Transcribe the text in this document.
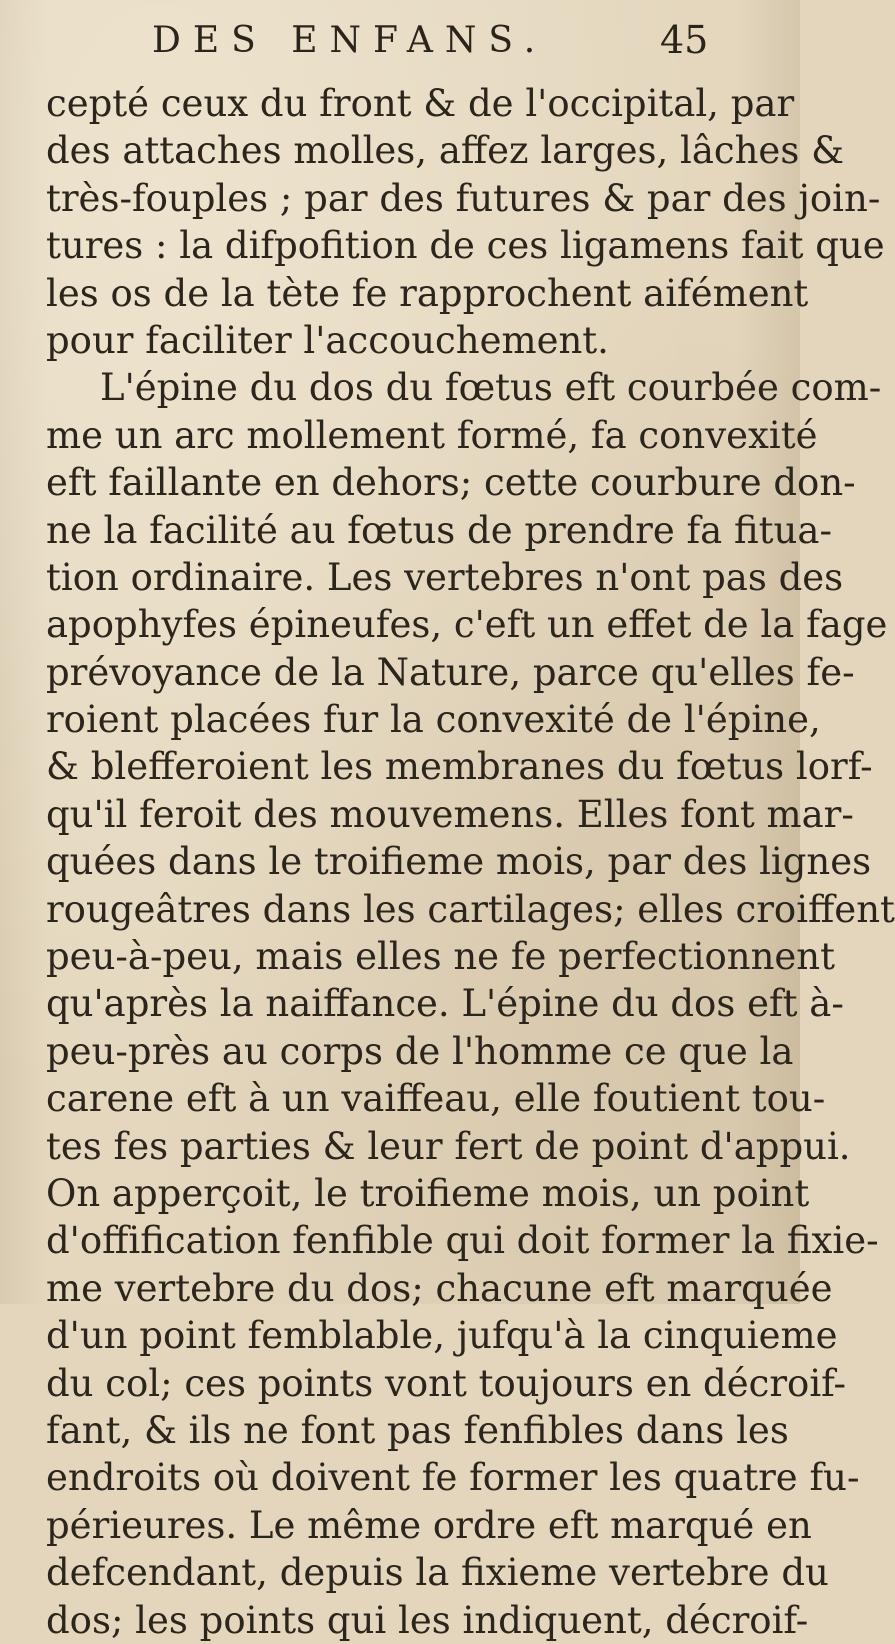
DES ENFANS.	45
cepté ceux du front & de l'occipital, par
des attaches molles, affez larges, lâches &
très-fouples ; par des futures & par des join-
tures : la difpofition de ces ligamens fait que
les os de la tète fe rapprochent aifément
pour faciliter l'accouchement.
L'épine du dos du fœtus eft courbée com-
me un arc mollement formé, fa convexité
eft faillante en dehors; cette courbure don-
ne la facilité au fœtus de prendre fa fitua-
tion ordinaire. Les vertebres n'ont pas des
apophyfes épineufes, c'eft un effet de la fage
prévoyance de la Nature, parce qu'elles fe-
roient placées fur la convexité de l'épine,
& blefferoient les membranes du fœtus lorf-
qu'il feroit des mouvemens. Elles font mar-
quées dans le troifieme mois, par des lignes
rougeâtres dans les cartilages; elles croiffent
peu-à-peu, mais elles ne fe perfectionnent
qu'après la naiffance. L'épine du dos eft à-
peu-près au corps de l'homme ce que la
carene eft à un vaiffeau, elle foutient tou-
tes fes parties & leur fert de point d'appui.
On apperçoit, le troifieme mois, un point
d'offification fenfible qui doit former la fixie-
me vertebre du dos; chacune eft marquée
d'un point femblable, jufqu'à la cinquieme
du col; ces points vont toujours en décroif-
fant, & ils ne font pas fenfibles dans les
endroits où doivent fe former les quatre fu-
périeures. Le même ordre eft marqué en
defcendant, depuis la fixieme vertebre du
dos; les points qui les indiquent, décroif-
